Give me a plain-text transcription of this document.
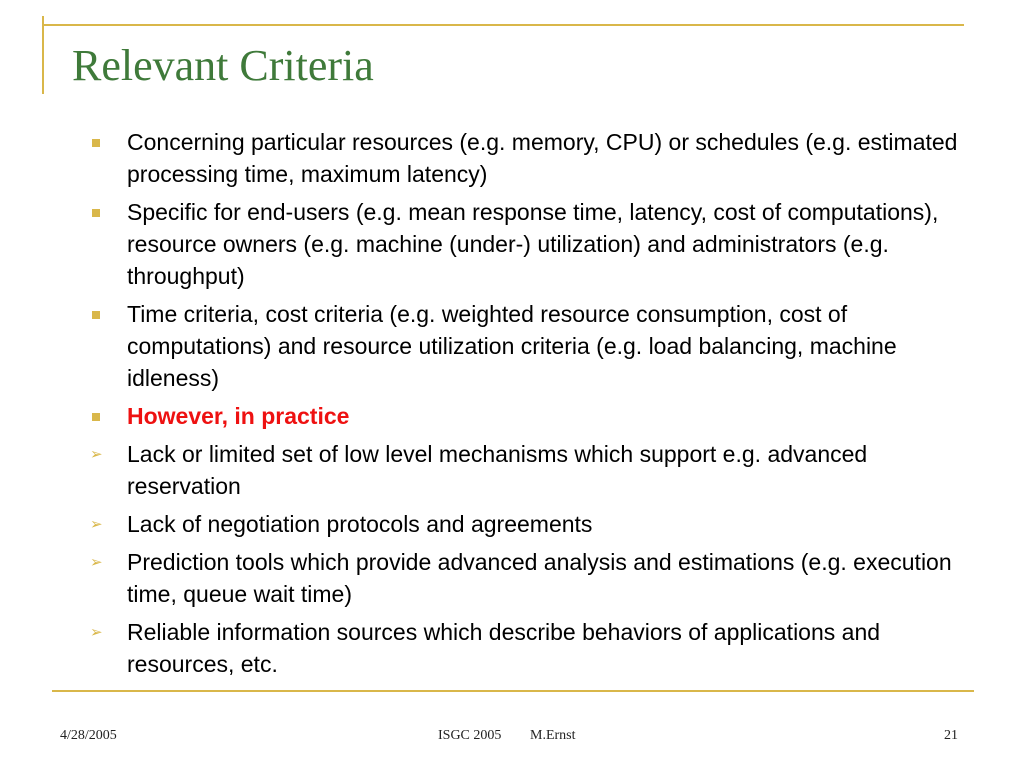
Relevant Criteria
Concerning particular resources (e.g. memory, CPU) or schedules (e.g. estimated processing time, maximum latency)
Specific for end-users (e.g. mean response time, latency, cost of computations), resource owners (e.g. machine (under-) utilization) and administrators (e.g. throughput)
Time criteria, cost criteria (e.g. weighted resource consumption, cost of computations) and resource utilization criteria (e.g. load balancing, machine idleness)
However, in practice
➢	Lack or limited set of low level mechanisms which support e.g. advanced reservation
➢	Lack of negotiation protocols and agreements
➢	Prediction tools which provide advanced analysis and estimations (e.g. execution time, queue wait time)
➢	Reliable information sources which describe behaviors of applications and resources, etc.
4/28/2005	ISGC 2005 M.Ernst	21
